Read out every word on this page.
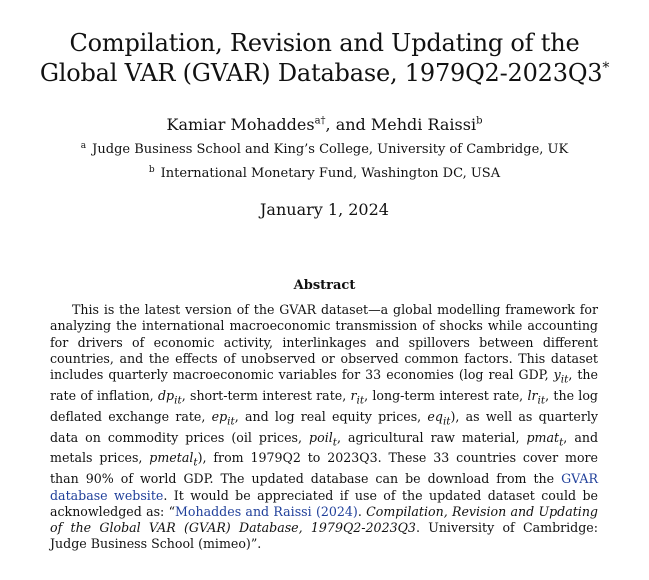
Compilation, Revision and Updating of the
Global VAR (GVAR) Database, 1979Q2-2023Q3*
Kamiar Mohaddes$^{a\dagger}$, and Mehdi Raissi$^b$
$^a$ Judge Business School and King’s College, University of Cambridge, UK
$^b$ International Monetary Fund, Washington DC, USA
January 1, 2024
Abstract
This is the latest version of the GVAR dataset—a global modelling framework for analyzing the international macroeconomic transmission of shocks while accounting for drivers of economic activity, interlinkages and spillovers between different countries, and the effects of unobserved or observed common factors. This dataset includes quarterly macroeconomic variables for 33 economies (log real GDP, $y_{it}$, the rate of inflation, $dp_{it}$, short-term interest rate, $r_{it}$, long-term interest rate, $lr_{it}$, the log deflated exchange rate, $ep_{it}$, and log real equity prices, $eq_{it}$), as well as quarterly data on commodity prices (oil prices, poil$_t$, agricultural raw material, pmat$_t$, and metals prices, pmetal$_t$), from 1979Q2 to 2023Q3. These 33 countries cover more than 90% of world GDP. The updated database can be download from the GVAR database website. It would be appreciated if use of the updated dataset could be acknowledged as: “Mohaddes and Raissi (2024). Compilation, Revision and Updating of the Global VAR (GVAR) Database, 1979Q2-2023Q3. University of Cambridge: Judge Business School (mimeo)”.
